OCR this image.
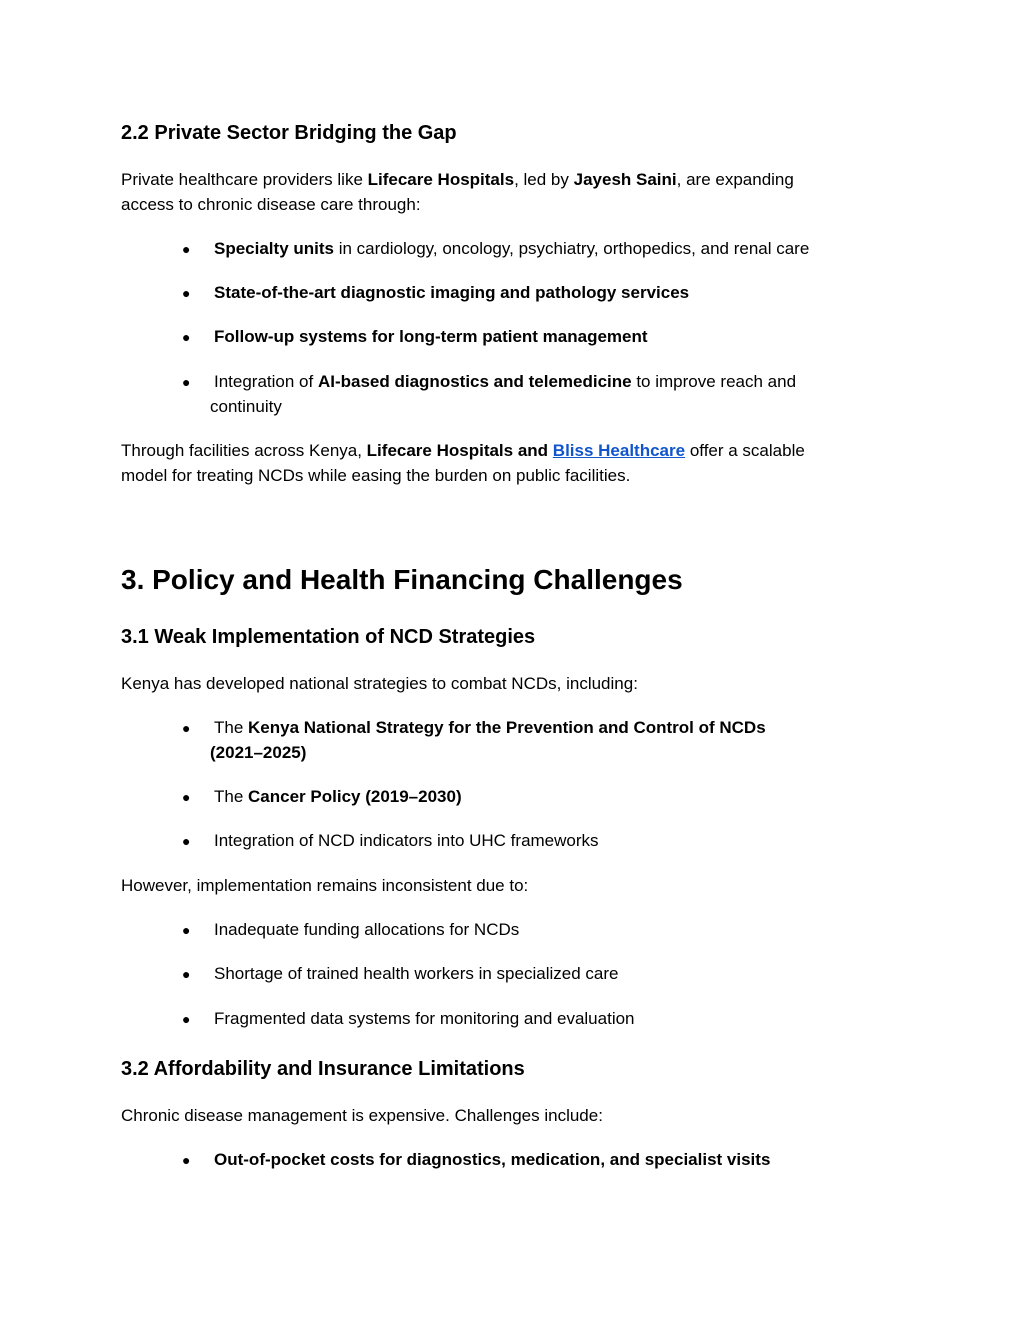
2.2 Private Sector Bridging the Gap

Private healthcare providers like Lifecare Hospitals, led by Jayesh Saini, are expanding
access to chronic disease care through:

●	Specialty units in cardiology, oncology, psychiatry, orthopedics, and renal care
●	State-of-the-art diagnostic imaging and pathology services
●	Follow-up systems for long-term patient management
●	Integration of AI-based diagnostics and telemedicine to improve reach and
continuity

Through facilities across Kenya, Lifecare Hospitals and Bliss Healthcare offer a scalable
model for treating NCDs while easing the burden on public facilities.

3. Policy and Health Financing Challenges
3.1 Weak Implementation of NCD Strategies

Kenya has developed national strategies to combat NCDs, including:

●	The Kenya National Strategy for the Prevention and Control of NCDs
(2021–2025)
●	The Cancer Policy (2019–2030)
●	Integration of NCD indicators into UHC frameworks

However, implementation remains inconsistent due to:

●	Inadequate funding allocations for NCDs
●	Shortage of trained health workers in specialized care
●	Fragmented data systems for monitoring and evaluation
3.2 Affordability and Insurance Limitations

Chronic disease management is expensive. Challenges include:

●	Out-of-pocket costs for diagnostics, medication, and specialist visits
